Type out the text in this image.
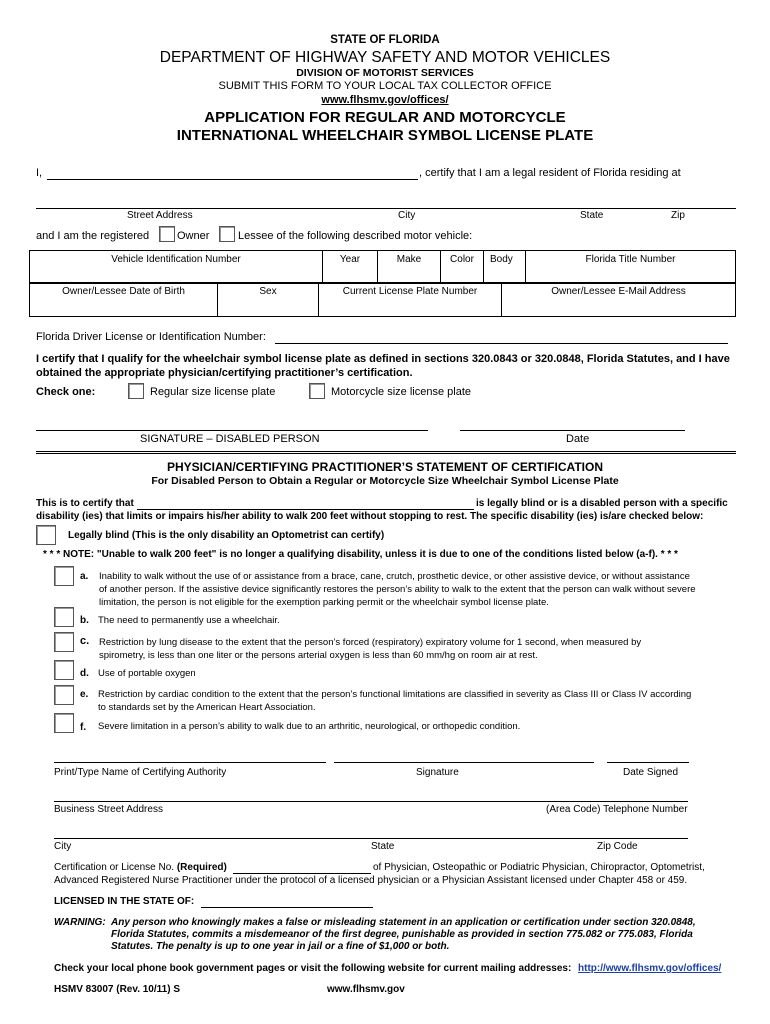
STATE OF FLORIDA
DEPARTMENT OF HIGHWAY SAFETY AND MOTOR VEHICLES
DIVISION OF MOTORIST SERVICES
SUBMIT THIS FORM TO YOUR LOCAL TAX COLLECTOR OFFICE
www.flhsmv.gov/offices/
APPLICATION FOR REGULAR AND MOTORCYCLE
INTERNATIONAL WHEELCHAIR SYMBOL LICENSE PLATE
I,	, certify that I am a legal resident of Florida residing at
Street Address	City	State	Zip
and I am the registered	Owner	Lessee of the following described motor vehicle:
Vehicle Identification Number	Year	Make	Color	Body	Florida Title Number
Owner/Lessee Date of Birth	Sex	Current License Plate Number	Owner/Lessee E-Mail Address
Florida Driver License or Identification Number:
I certify that I qualify for the wheelchair symbol license plate as defined in sections 320.0843 or 320.0848, Florida Statutes, and I have obtained the appropriate physician/certifying practitioner’s certification.
Check one:	Regular size license plate	Motorcycle size license plate
SIGNATURE – DISABLED PERSON	Date
PHYSICIAN/CERTIFYING PRACTITIONER’S STATEMENT OF CERTIFICATION
For Disabled Person to Obtain a Regular or Motorcycle Size Wheelchair Symbol License Plate
This is to certify that	is legally blind or is a disabled person with a specific
disability (ies) that limits or impairs his/her ability to walk 200 feet without stopping to rest. The specific disability (ies) is/are checked below:
Legally blind (This is the only disability an Optometrist can certify)
* * * NOTE: "Unable to walk 200 feet" is no longer a qualifying disability, unless it is due to one of the conditions listed below (a-f). * * *
a. Inability to walk without the use of or assistance from a brace, cane, crutch, prosthetic device, or other assistive device, or without assistance of another person. If the assistive device significantly restores the person’s ability to walk to the extent that the person can walk without severe limitation, the person is not eligible for the exemption parking permit or the wheelchair symbol license plate.
b. The need to permanently use a wheelchair.
c. Restriction by lung disease to the extent that the person’s forced (respiratory) expiratory volume for 1 second, when measured by spirometry, is less than one liter or the persons arterial oxygen is less than 60 mm/hg on room air at rest.
d. Use of portable oxygen
e. Restriction by cardiac condition to the extent that the person’s functional limitations are classified in severity as Class III or Class IV according to standards set by the American Heart Association.
f. Severe limitation in a person’s ability to walk due to an arthritic, neurological, or orthopedic condition.
Print/Type Name of Certifying Authority	Signature	Date Signed
Business Street Address	(Area Code) Telephone Number
City	State	Zip Code
Certification or License No. (Required)	of Physician, Osteopathic or Podiatric Physician, Chiropractor, Optometrist,
Advanced Registered Nurse Practitioner under the protocol of a licensed physician or a Physician Assistant licensed under Chapter 458 or 459.
LICENSED IN THE STATE OF:
WARNING: Any person who knowingly makes a false or misleading statement in an application or certification under section 320.0848,
Florida Statutes, commits a misdemeanor of the first degree, punishable as provided in section 775.082 or 775.083, Florida
Statutes. The penalty is up to one year in jail or a fine of $1,000 or both.
Check your local phone book government pages or visit the following website for current mailing addresses: http://www.flhsmv.gov/offices/
HSMV 83007 (Rev. 10/11) S	www.flhsmv.gov
